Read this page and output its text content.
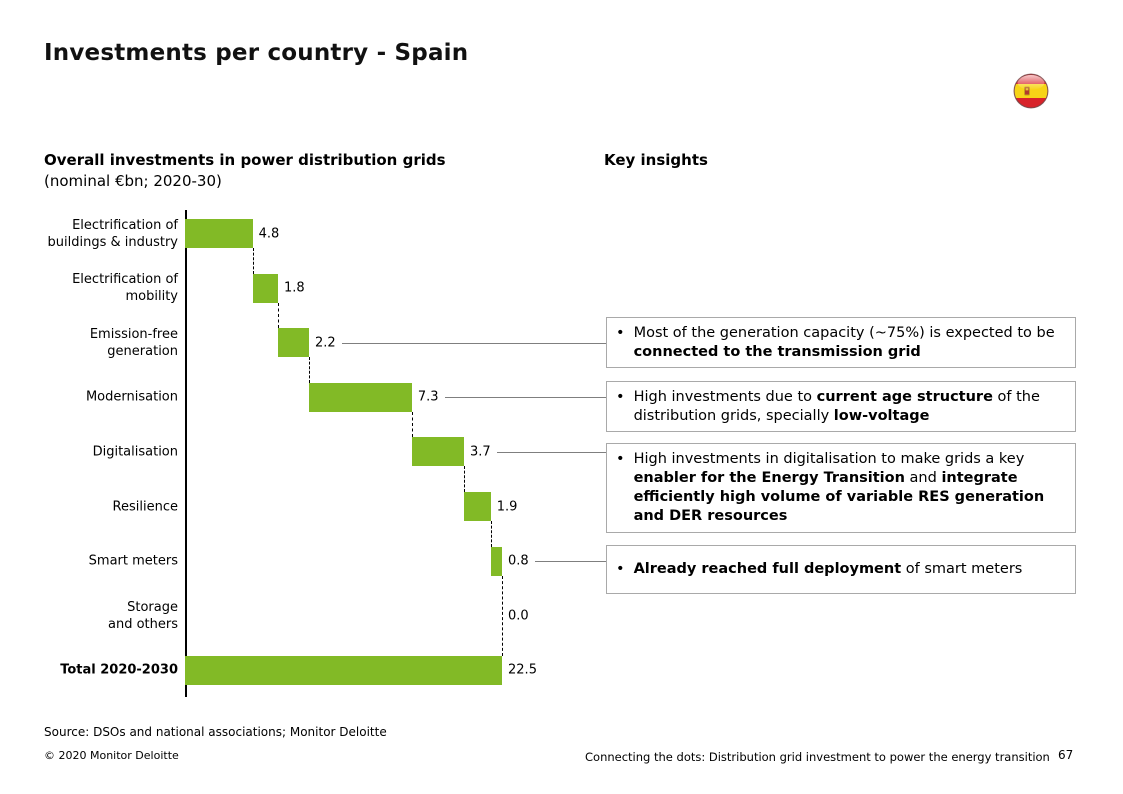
Investments per country - Spain
Overall investments in power distribution grids
(nominal €bn; 2020-30)
Key insights
Electrification of
buildings & industry
4.8
Electrification of
mobility
1.8
Emission-free
generation
2.2
Modernisation	7.3
Digitalisation	3.7
Resilience	1.9
Smart meters	0.8
Storage
and others
0.0
Total 2020-2030	22.5
• Most of the generation capacity (~75%) is expected to be connected to the transmission grid
• High investments due to current age structure of the distribution grids, specially low-voltage
• High investments in digitalisation to make grids a key enabler for the Energy Transition and integrate efficiently high volume of variable RES generation and DER resources
• Already reached full deployment of smart meters
Source: DSOs and national associations; Monitor Deloitte
© 2020 Monitor Deloitte	Connecting the dots: Distribution grid investment to power the energy transition 67
